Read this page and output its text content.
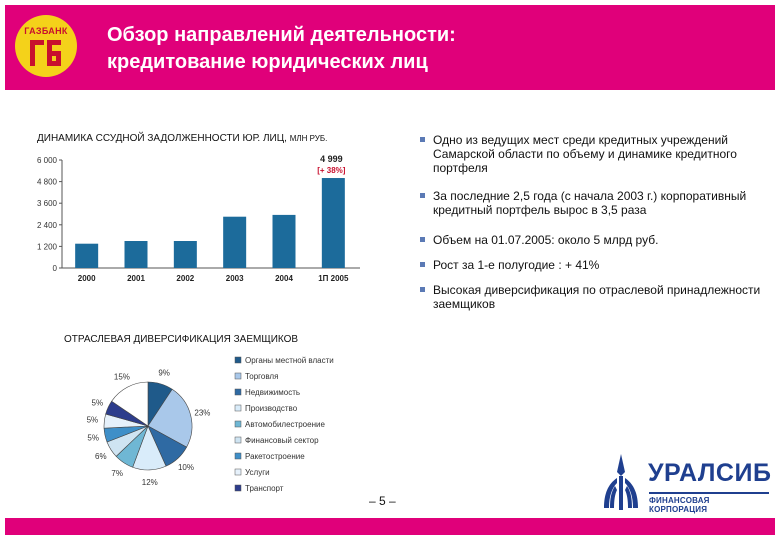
ГАЗБАНК	Обзор направлений деятельности:
кредитование юридических лиц
ДИНАМИКА ССУДНОЙ ЗАДОЛЖЕННОСТИ ЮР. ЛИЦ, МЛН РУБ.
0
1 200
2 400
3 600
4 800
6 000
2000	2001	2002	2003	2004	1П 2005
4 999
[+ 38%]
ОТРАСЛЕВАЯ ДИВЕРСИФИКАЦИЯ ЗАЕМЩИКОВ
9%
23%
10%
12%
7%
6%
5%
5%
5%
15%
Органы местной власти
Торговля
Недвижимость
Производство
Автомобилестроение
Финансовый сектор
Ракетостроение
Услуги
Транспорт
Одно из ведущих мест среди кредитных учреждений Самарской области по объему и динамике кредитного портфеля
За последние 2,5 года (с начала 2003 г.) корпоративный кредитный портфель вырос в 3,5 раза
Объем на 01.07.2005: около 5 млрд руб.
Рост за 1-е полугодие : + 41%
Высокая диверсификация по отраслевой принадлежности заемщиков
– 5 –
УРАЛСИБ
ФИНАНСОВАЯ КОРПОРАЦИЯ
